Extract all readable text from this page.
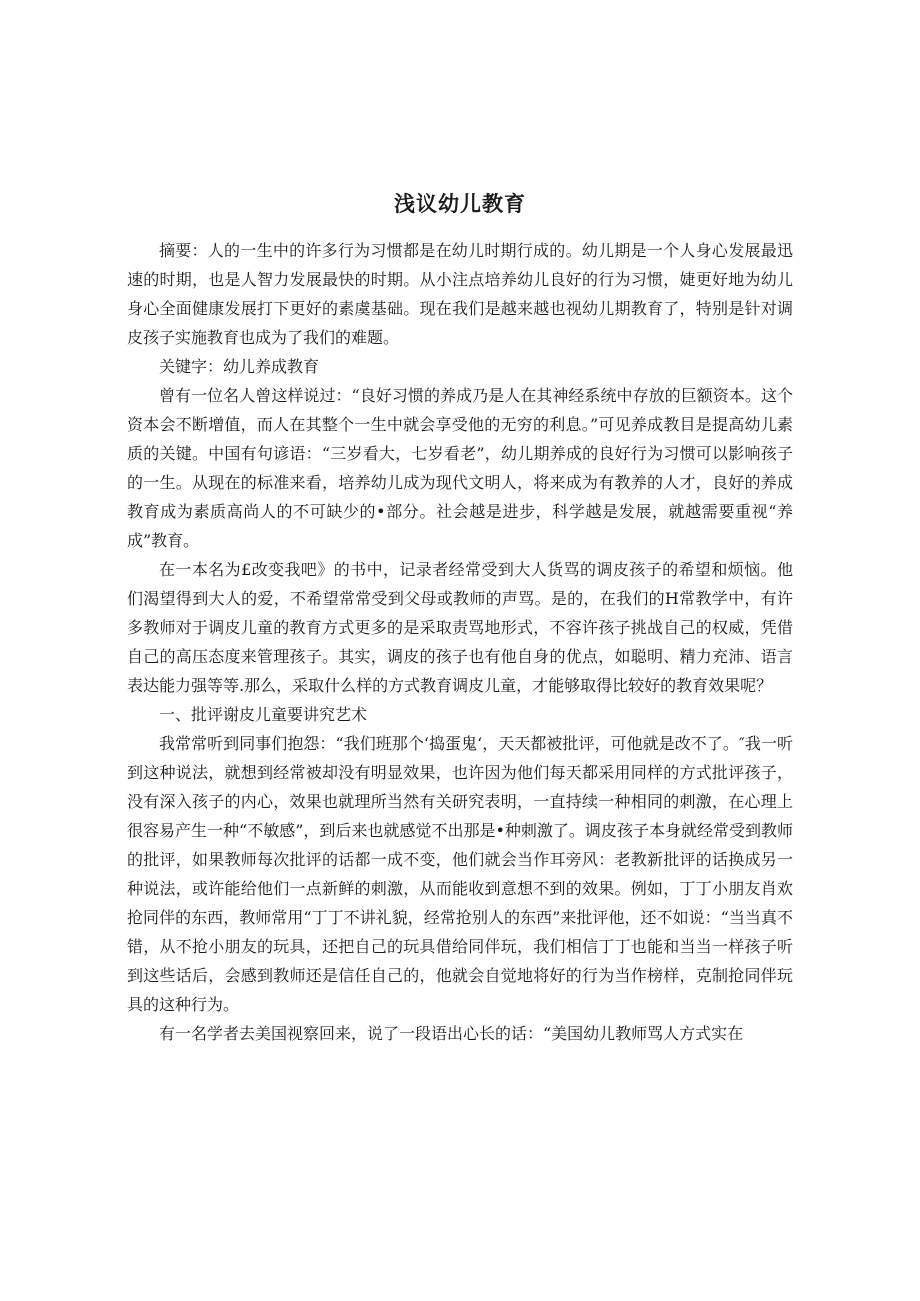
浅议幼儿教育

摘要：人的一生中的许多行为习惯都是在幼儿时期行成的。幼儿期是一个人身心发展最迅速的时期，也是人智力发展最快的时期。从小注点培养幼儿良好的行为习惯，婕更好地为幼儿身心全面健康发展打下更好的素虞基础。现在我们是越来越也视幼儿期教育了，特别是针对调皮孩子实施教育也成为了我们的难题。

关键字：幼儿养成教育

曾有一位名人曾这样说过：“良好习惯的养成乃是人在其神经系统中存放的巨额资本。这个资本会不断增值，而人在其整个一生中就会享受他的无穷的利息。”可见养成教目是提高幼儿素质的关键。中国有句谚语：“三岁看大，七岁看老”，幼儿期养成的良好行为习惯可以影响孩子的一生。从现在的标准来看，培养幼儿成为现代文明人，将来成为有教养的人才，良好的养成教育成为素质高尚人的不可缺少的•部分。社会越是进步，科学越是发展，就越需要重视“养成”教育。

在一本名为£改变我吧》的书中，记录者经常受到大人货骂的调皮孩子的希望和烦恼。他们渴望得到大人的爱，不希望常常受到父母或教师的声骂。是的，在我们的H常教学中，有许多教师对于调皮儿童的教育方式更多的是采取责骂地形式，不容许孩子挑战自己的权威，凭借自己的高压态度来管理孩子。其实，调皮的孩子也有他自身的优点，如聪明、精力充沛、语言表达能力强等等.那么，采取什么样的方式教育调皮儿童，才能够取得比较好的教育效果呢？

一、批评谢皮儿童要讲究艺术

我常常听到同事们抱怨：“我们班那个‘捣蛋鬼‘，天天都被批评，可他就是改不了。″我一听到这种说法，就想到经常被却没有明显效果，也许因为他们每天都采用同样的方式批评孩子，没有深入孩子的内心，效果也就理所当然有关研究表明，一直持续一种相同的刺激，在心理上很容易产生一种“不敏感”，到后来也就感觉不出那是•种刺激了。调皮孩子本身就经常受到教师的批评，如果教师每次批评的话都一成不变，他们就会当作耳旁风：老教新批评的话换成另一种说法，或许能给他们一点新鲜的刺激，从而能收到意想不到的效果。例如，丁丁小朋友肖欢抢同伴的东西，教师常用“丁丁不讲礼貌，经常抢别人的东西”来批评他，还不如说：“当当真不错，从不抢小朋友的玩具，还把自己的玩具借给同伴玩，我们相信丁丁也能和当当一样孩子听到这些话后，会感到教师还是信任自己的，他就会自觉地将好的行为当作榜样，克制抢同伴玩具的这种行为。

有一名学者去美国视察回来，说了一段语出心长的话：“美国幼儿教师骂人方式实在
